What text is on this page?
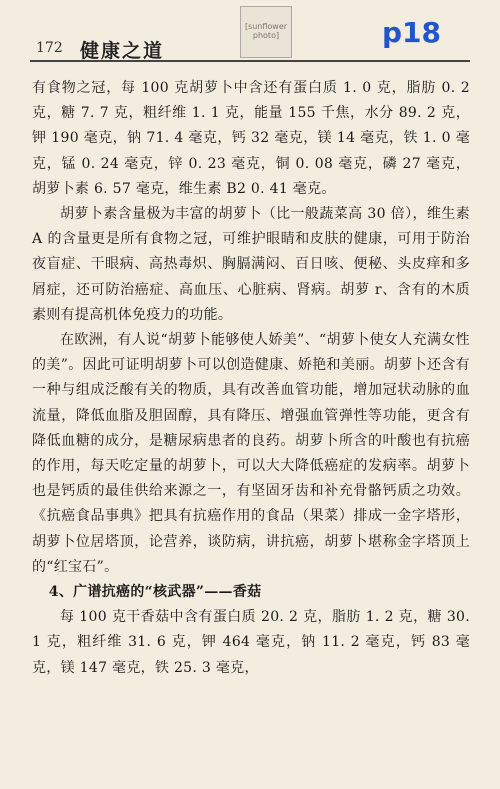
172 健康之道
[sunflower
photo]	p18

有食物之冠，每 100 克胡萝卜中含还有蛋白质 1. 0 克，脂肪 0. 2 克，糖 7. 7 克，粗纤维 1. 1 克，能量 155 千焦，水分 89. 2 克，钾 190 毫克，钠 71. 4 毫克，钙 32 毫克，镁 14 毫克，铁 1. 0 毫克，锰 0. 24 毫克，锌 0. 23 毫克，铜 0. 08 毫克，磷 27 毫克，胡萝卜素 6. 57 毫克，维生素 B2 0. 41 毫克。

胡萝卜素含量极为丰富的胡萝卜（比一般蔬菜高 30 倍），维生素 A 的含量更是所有食物之冠，可维护眼睛和皮肤的健康，可用于防治夜盲症、干眼病、高热毒炽、胸膈满闷、百日咳、便秘、头皮痒和多屑症，还可防治癌症、高血压、心脏病、肾病。胡萝 r、含有的木质素则有提高机体免疫力的功能。

在欧洲，有人说“胡萝卜能够使人娇美”、“胡萝卜使女人充满女性的美”。因此可证明胡萝卜可以创造健康、娇艳和美丽。胡萝卜还含有一种与组成泛酸有关的物质，具有改善血管功能，增加冠状动脉的血流量，降低血脂及胆固醇，具有降压、增强血管弹性等功能，更含有降低血糖的成分，是糖尿病患者的良药。胡萝卜所含的叶酸也有抗癌的作用，每天吃定量的胡萝卜，可以大大降低癌症的发病率。胡萝卜也是钙质的最佳供给来源之一，有坚固牙齿和补充骨骼钙质之功效。《抗癌食品事典》把具有抗癌作用的食品（果菜）排成一金字塔形，胡萝卜位居塔顶，论营养，谈防病，讲抗癌，胡萝卜堪称金字塔顶上的“红宝石”。

4、广谱抗癌的“核武器”——香菇

每 100 克干香菇中含有蛋白质 20. 2 克，脂肪 1. 2 克，糖 30. 1 克，粗纤维 31. 6 克，钾 464 毫克，钠 11. 2 毫克，钙 83 毫克，镁 147 毫克，铁 25. 3 毫克，
